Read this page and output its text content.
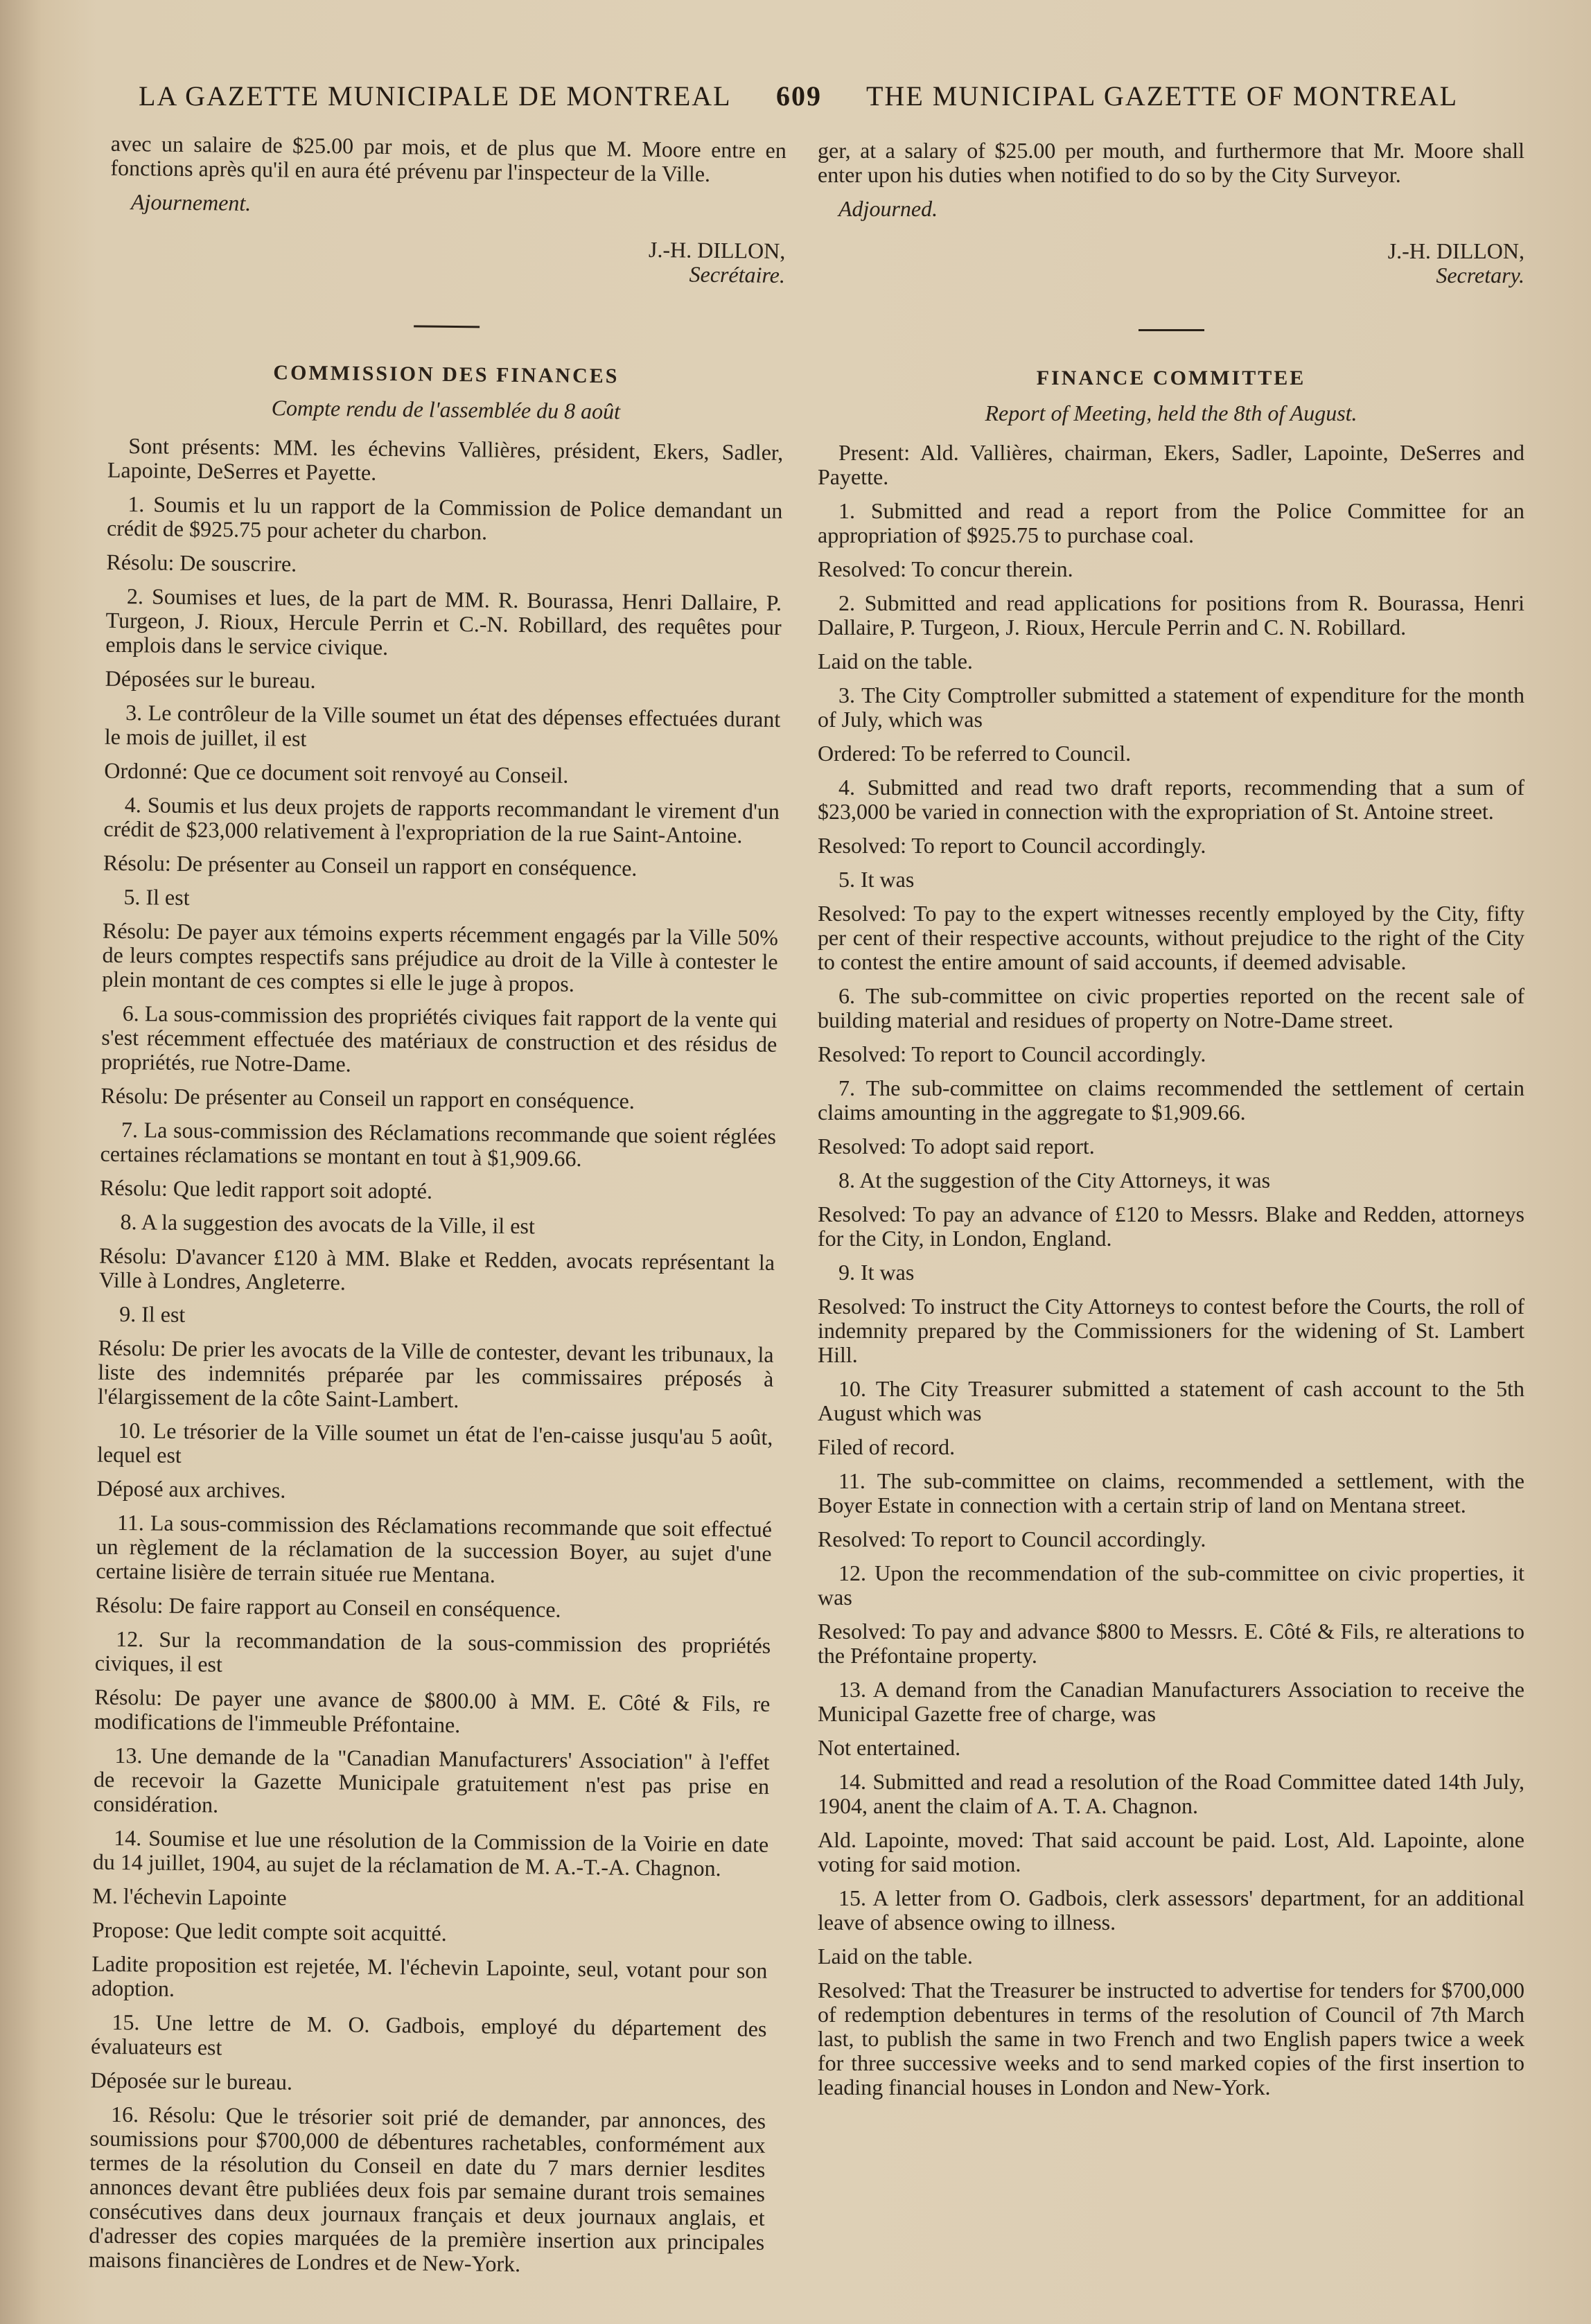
LA GAZETTE MUNICIPALE DE MONTREAL 609 THE MUNICIPAL GAZETTE OF MONTREAL

avec un salaire de $25.00 par mois, et de plus que M. Moore entre en fonctions après qu'il en aura été prévenu par l'inspecteur de la Ville.

Ajournement.

J.-H. DILLON,
Secrétaire.
COMMISSION DES FINANCES
Compte rendu de l'assemblée du 8 août

Sont présents: MM. les échevins Vallières, président, Ekers, Sadler, Lapointe, DeSerres et Payette.

1. Soumis et lu un rapport de la Commission de Police demandant un crédit de $925.75 pour acheter du charbon.

Résolu: De souscrire.

2. Soumises et lues, de la part de MM. R. Bourassa, Henri Dallaire, P. Turgeon, J. Rioux, Hercule Perrin et C.-N. Robillard, des requêtes pour emplois dans le service civique.

Déposées sur le bureau.

3. Le contrôleur de la Ville soumet un état des dépenses effectuées durant le mois de juillet, il est

Ordonné: Que ce document soit renvoyé au Conseil.

4. Soumis et lus deux projets de rapports recommandant le virement d'un crédit de $23,000 relativement à l'expropriation de la rue Saint-Antoine.

Résolu: De présenter au Conseil un rapport en conséquence.

5. Il est

Résolu: De payer aux témoins experts récemment engagés par la Ville 50% de leurs comptes respectifs sans préjudice au droit de la Ville à contester le plein montant de ces comptes si elle le juge à propos.

6. La sous-commission des propriétés civiques fait rapport de la vente qui s'est récemment effectuée des matériaux de construction et des résidus de propriétés, rue Notre-Dame.

Résolu: De présenter au Conseil un rapport en conséquence.

7. La sous-commission des Réclamations recommande que soient réglées certaines réclamations se montant en tout à $1,909.66.

Résolu: Que ledit rapport soit adopté.

8. A la suggestion des avocats de la Ville, il est

Résolu: D'avancer £120 à MM. Blake et Redden, avocats représentant la Ville à Londres, Angleterre.

9. Il est

Résolu: De prier les avocats de la Ville de contester, devant les tribunaux, la liste des indemnités préparée par les commissaires préposés à l'élargissement de la côte Saint-Lambert.

10. Le trésorier de la Ville soumet un état de l'en-caisse jusqu'au 5 août, lequel est

Déposé aux archives.

11. La sous-commission des Réclamations recommande que soit effectué un règlement de la réclamation de la succession Boyer, au sujet d'une certaine lisière de terrain située rue Mentana.

Résolu: De faire rapport au Conseil en conséquence.

12. Sur la recommandation de la sous-commission des propriétés civiques, il est

Résolu: De payer une avance de $800.00 à MM. E. Côté & Fils, re modifications de l'immeuble Préfontaine.

13. Une demande de la "Canadian Manufacturers' Association" à l'effet de recevoir la Gazette Municipale gratuitement n'est pas prise en considération.

14. Soumise et lue une résolution de la Commission de la Voirie en date du 14 juillet, 1904, au sujet de la réclamation de M. A.-T.-A. Chagnon.

M. l'échevin Lapointe

Propose: Que ledit compte soit acquitté.

Ladite proposition est rejetée, M. l'échevin Lapointe, seul, votant pour son adoption.

15. Une lettre de M. O. Gadbois, employé du département des évaluateurs est

Déposée sur le bureau.

16. Résolu: Que le trésorier soit prié de demander, par annonces, des soumissions pour $700,000 de débentures rachetables, conformément aux termes de la résolution du Conseil en date du 7 mars dernier lesdites annonces devant être publiées deux fois par semaine durant trois semaines consécutives dans deux journaux français et deux journaux anglais, et d'adresser des copies marquées de la première insertion aux principales maisons financières de Londres et de New-York.

ger, at a salary of $25.00 per mouth, and furthermore that Mr. Moore shall enter upon his duties when notified to do so by the City Surveyor.

Adjourned.

J.-H. DILLON,
Secretary.
FINANCE COMMITTEE
Report of Meeting, held the 8th of August.

Present: Ald. Vallières, chairman, Ekers, Sadler, Lapointe, DeSerres and Payette.

1. Submitted and read a report from the Police Committee for an appropriation of $925.75 to purchase coal.

Resolved: To concur therein.

2. Submitted and read applications for positions from R. Bourassa, Henri Dallaire, P. Turgeon, J. Rioux, Hercule Perrin and C. N. Robillard.

Laid on the table.

3. The City Comptroller submitted a statement of expenditure for the month of July, which was

Ordered: To be referred to Council.

4. Submitted and read two draft reports, recommending that a sum of $23,000 be varied in connection with the expropriation of St. Antoine street.

Resolved: To report to Council accordingly.

5. It was

Resolved: To pay to the expert witnesses recently employed by the City, fifty per cent of their respective accounts, without prejudice to the right of the City to contest the entire amount of said accounts, if deemed advisable.

6. The sub-committee on civic properties reported on the recent sale of building material and residues of property on Notre-Dame street.

Resolved: To report to Council accordingly.

7. The sub-committee on claims recommended the settlement of certain claims amounting in the aggregate to $1,909.66.

Resolved: To adopt said report.

8. At the suggestion of the City Attorneys, it was

Resolved: To pay an advance of £120 to Messrs. Blake and Redden, attorneys for the City, in London, England.

9. It was

Resolved: To instruct the City Attorneys to contest before the Courts, the roll of indemnity prepared by the Commissioners for the widening of St. Lambert Hill.

10. The City Treasurer submitted a statement of cash account to the 5th August which was

Filed of record.

11. The sub-committee on claims, recommended a settlement, with the Boyer Estate in connection with a certain strip of land on Mentana street.

Resolved: To report to Council accordingly.

12. Upon the recommendation of the sub-committee on civic properties, it was

Resolved: To pay and advance $800 to Messrs. E. Côté & Fils, re alterations to the Préfontaine property.

13. A demand from the Canadian Manufacturers Association to receive the Municipal Gazette free of charge, was

Not entertained.

14. Submitted and read a resolution of the Road Committee dated 14th July, 1904, anent the claim of A. T. A. Chagnon.

Ald. Lapointe, moved: That said account be paid. Lost, Ald. Lapointe, alone voting for said motion.

15. A letter from O. Gadbois, clerk assessors' department, for an additional leave of absence owing to illness.

Laid on the table.

Resolved: That the Treasurer be instructed to advertise for tenders for $700,000 of redemption debentures in terms of the resolution of Council of 7th March last, to publish the same in two French and two English papers twice a week for three successive weeks and to send marked copies of the first insertion to leading financial houses in London and New-York.
